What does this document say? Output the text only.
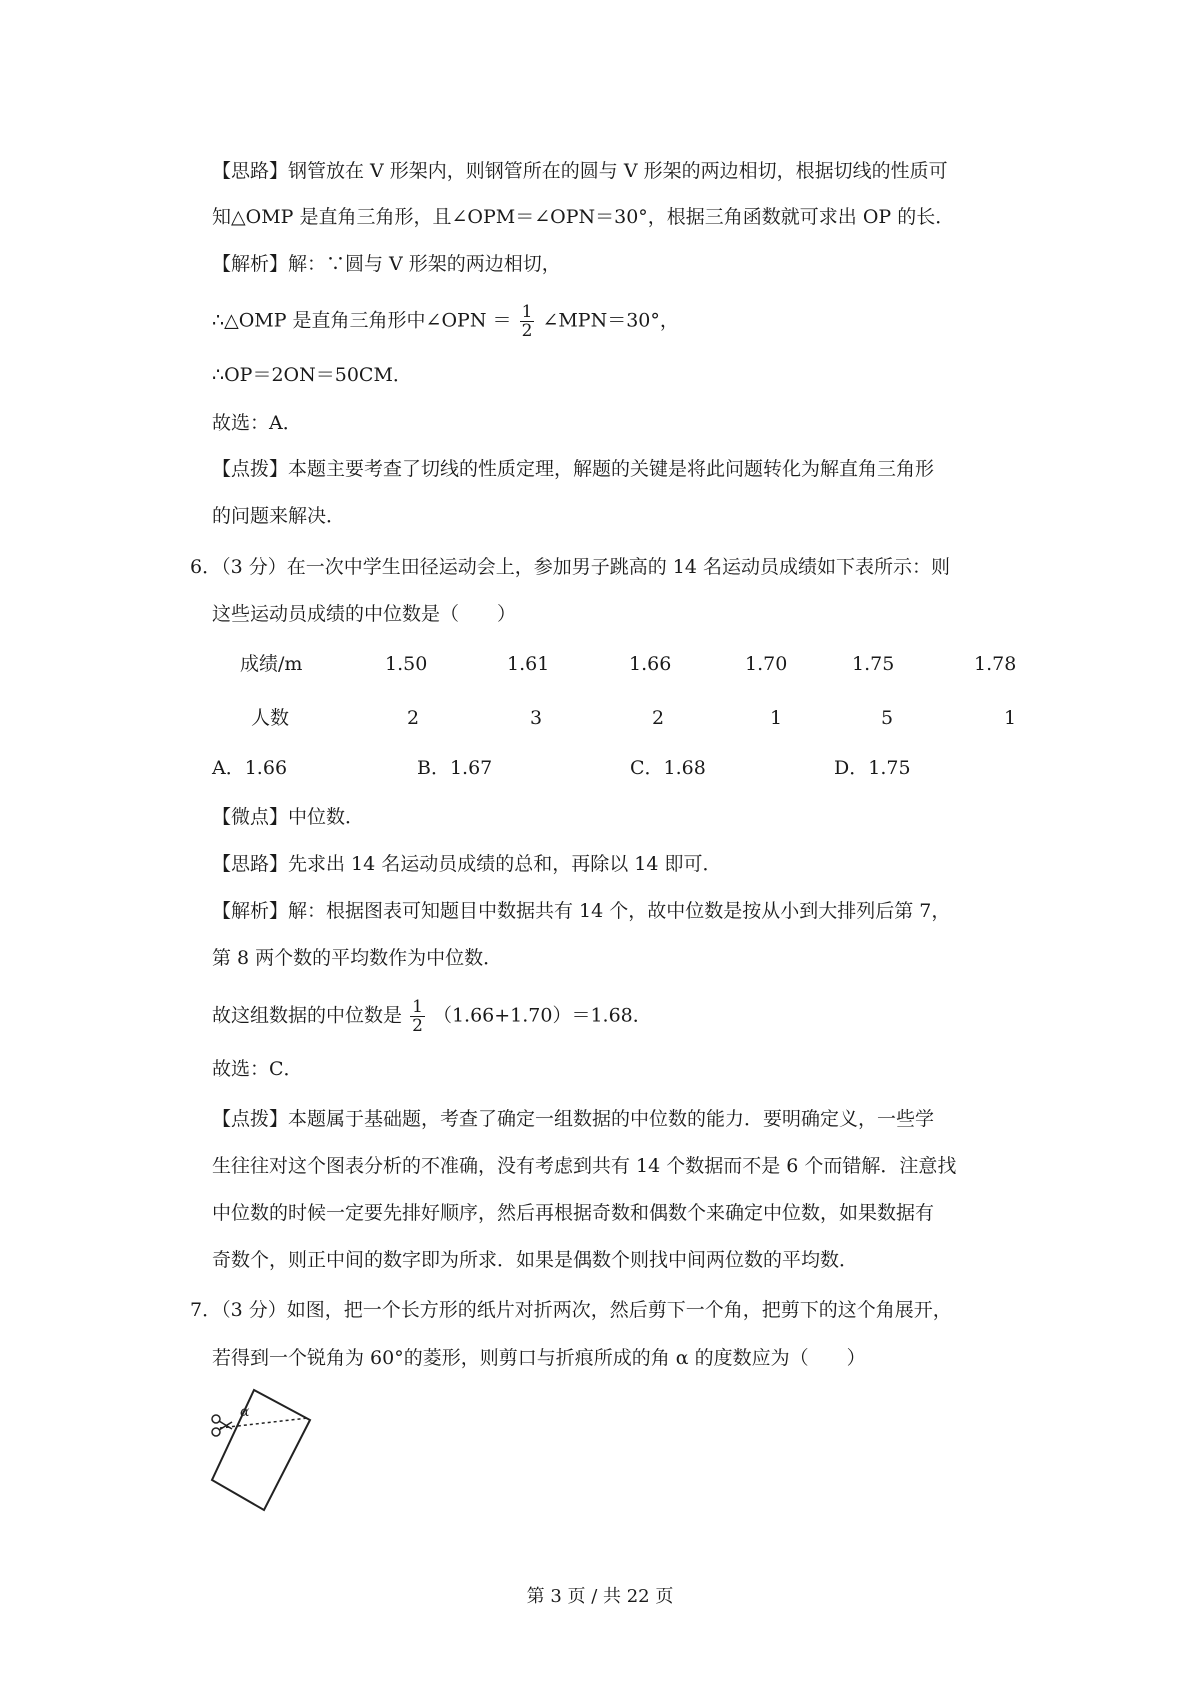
【思路】钢管放在 V 形架内，则钢管所在的圆与 V 形架的两边相切，根据切线的性质可
知△OMP 是直角三角形，且∠OPM＝∠OPN＝30°，根据三角函数就可求出 OP 的长．
【解析】解：∵圆与 V 形架的两边相切，
∴△OMP 是直角三角形中∠OPN ＝ $\frac{1}{2}$ ∠MPN＝30°，
∴OP＝2ON＝50CM．
故选：A．
【点拨】本题主要考查了切线的性质定理，解题的关键是将此问题转化为解直角三角形
的问题来解决．
6．（3 分）在一次中学生田径运动会上，参加男子跳高的 14 名运动员成绩如下表所示：则
这些运动员成绩的中位数是（　　）
成绩/m	1.50	1.61	1.66	1.70	1.75	1.78
人数	2	3	2	1	5	1
A．1.66	B．1.67	C．1.68	D．1.75
【微点】中位数．
【思路】先求出 14 名运动员成绩的总和，再除以 14 即可．
【解析】解：根据图表可知题目中数据共有 14 个，故中位数是按从小到大排列后第 7，
第 8 两个数的平均数作为中位数．
故这组数据的中位数是 $\frac{1}{2} (1.66+1.70)=1.68$．
故选：C．
【点拨】本题属于基础题，考查了确定一组数据的中位数的能力．要明确定义，一些学
生往往对这个图表分析的不准确，没有考虑到共有 14 个数据而不是 6 个而错解．注意找
中位数的时候一定要先排好顺序，然后再根据奇数和偶数个来确定中位数，如果数据有
奇数个，则正中间的数字即为所求．如果是偶数个则找中间两位数的平均数．
7．（3 分）如图，把一个长方形的纸片对折两次，然后剪下一个角，把剪下的这个角展开，
若得到一个锐角为 60°的菱形，则剪口与折痕所成的角 α 的度数应为（　　）
α
第 3 页 / 共 22 页
